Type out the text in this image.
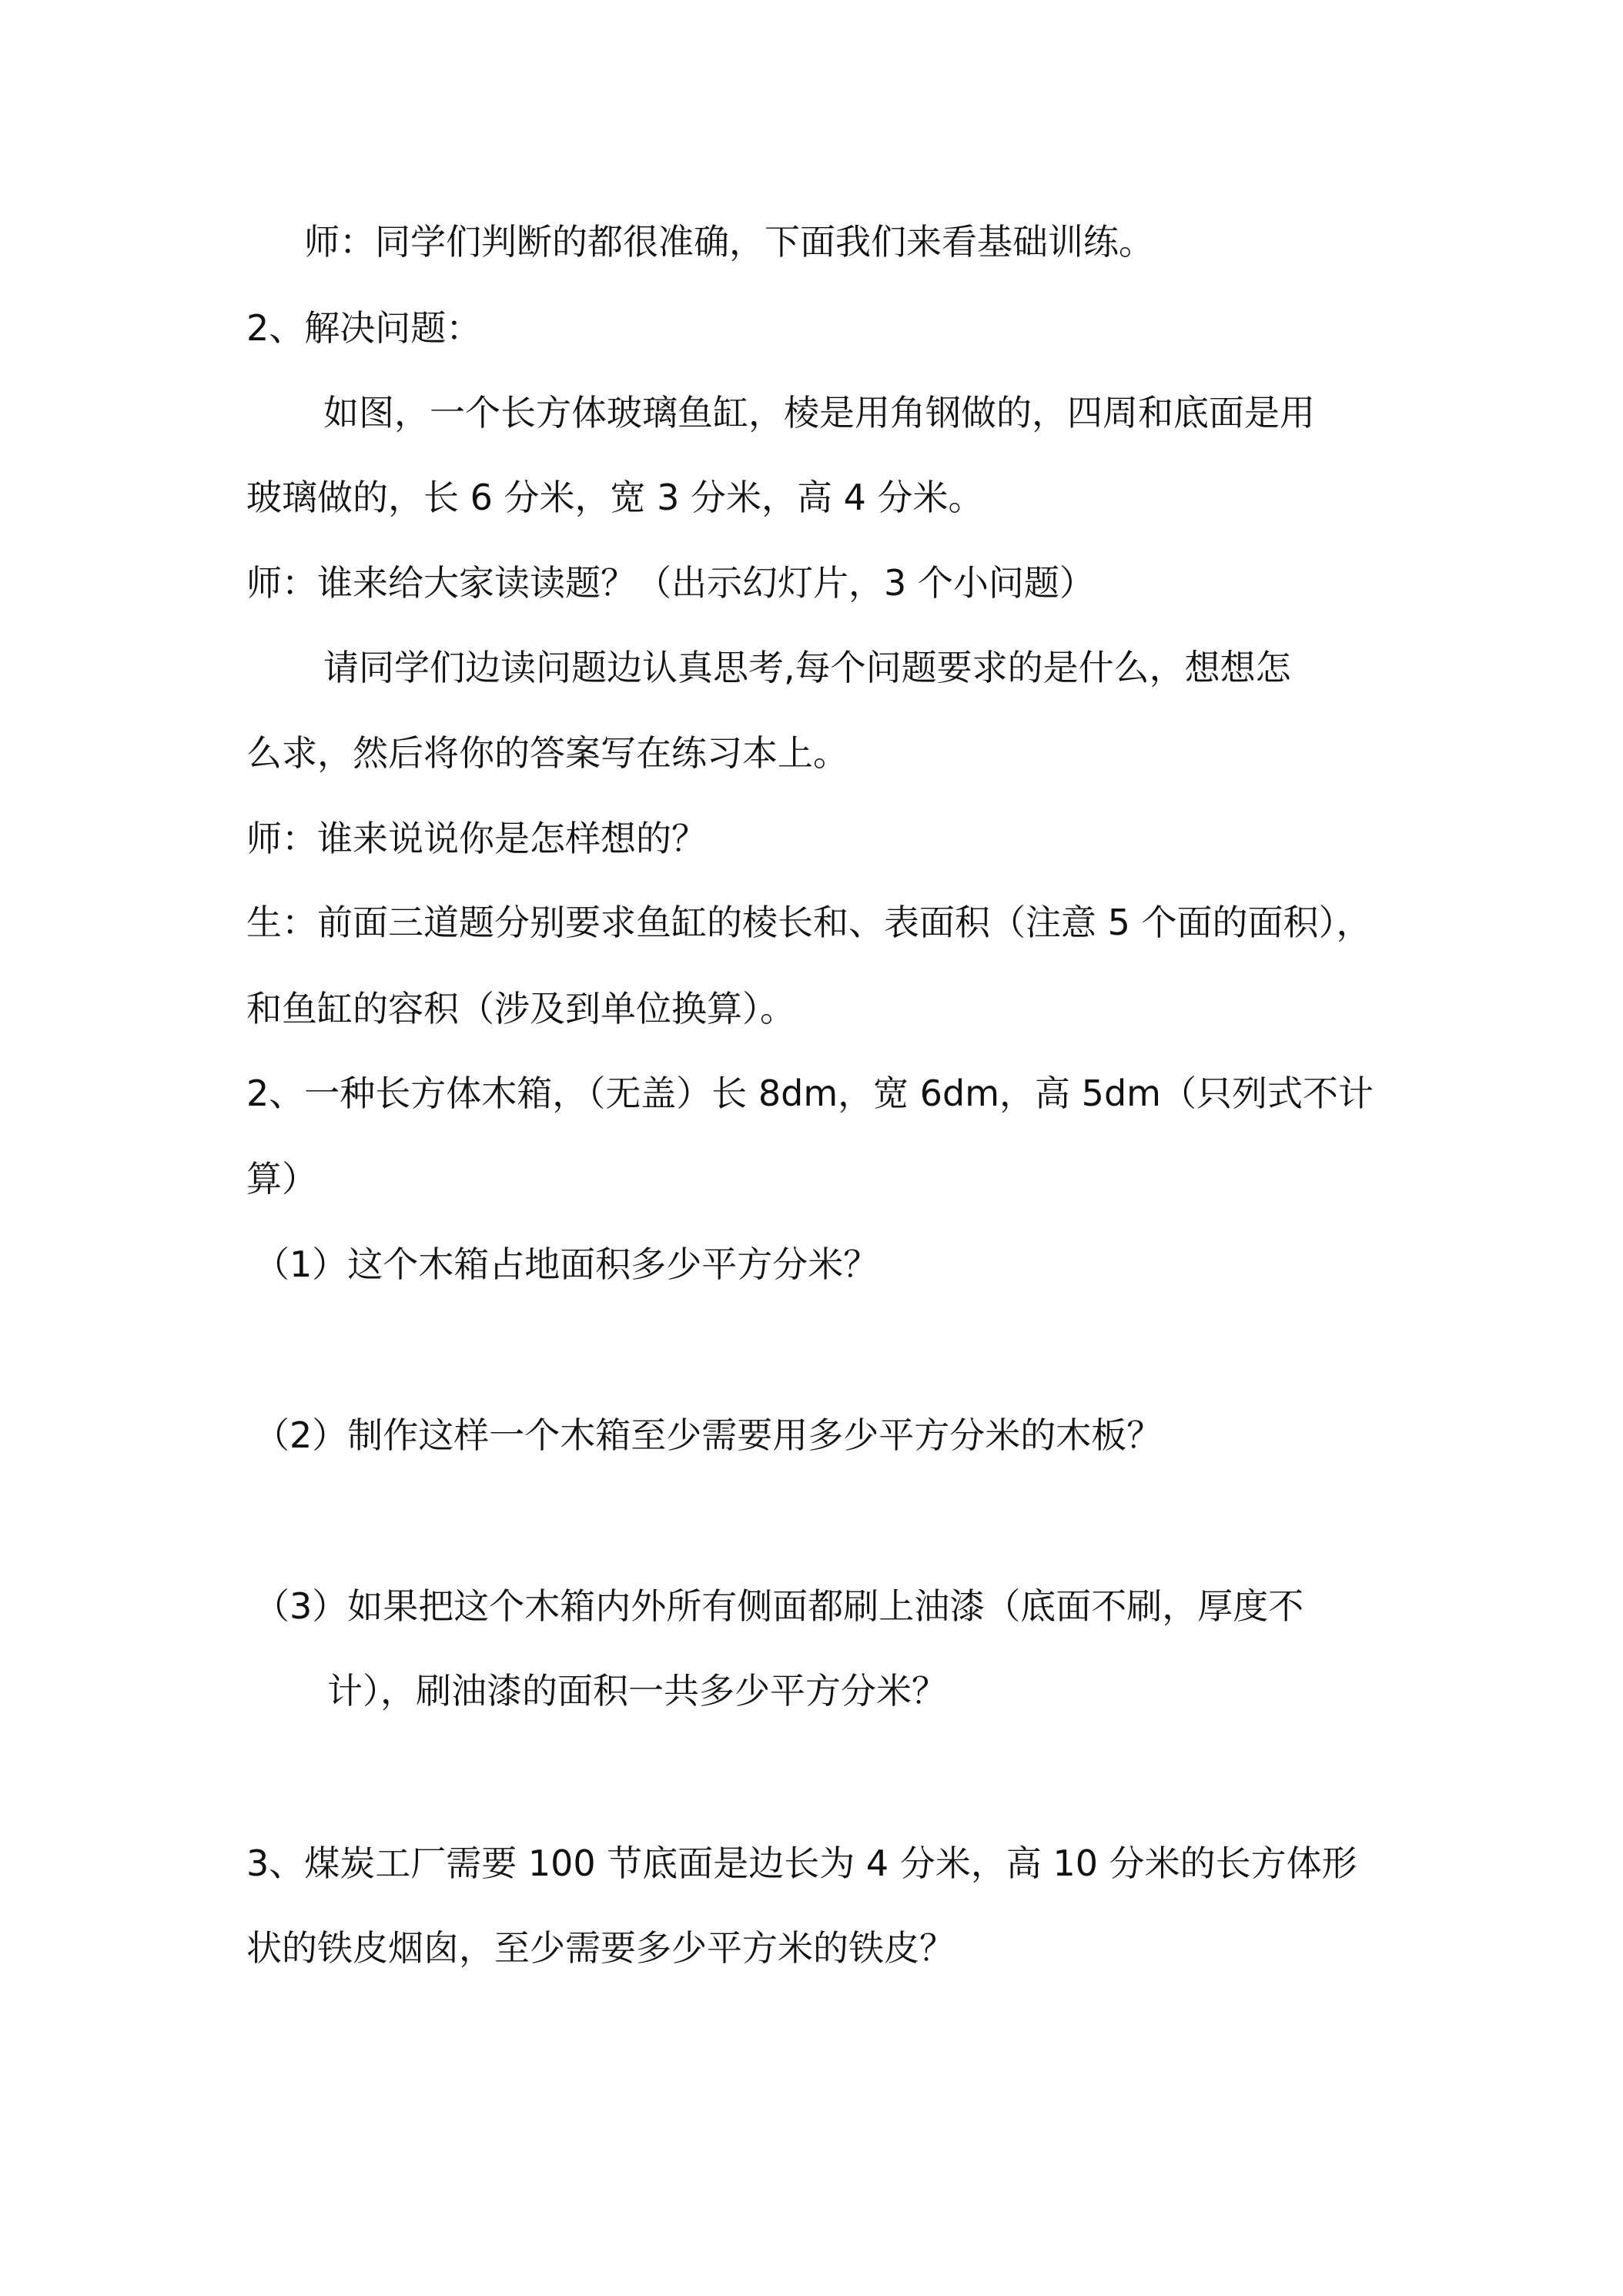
师：同学们判断的都很准确，下面我们来看基础训练。
2、解决问题：
如图，一个长方体玻璃鱼缸，棱是用角钢做的，四周和底面是用
玻璃做的，长 6 分米，宽 3 分米，高 4 分米。
师：谁来给大家读读题？（出示幻灯片，3 个小问题）
请同学们边读问题边认真思考,每个问题要求的是什么，想想怎
么求，然后将你的答案写在练习本上。
师：谁来说说你是怎样想的？
生：前面三道题分别要求鱼缸的棱长和、表面积（注意 5 个面的面积），
和鱼缸的容积（涉及到单位换算）。
2、一种长方体木箱，（无盖）长 8dm，宽 6dm，高 5dm（只列式不计
算）
（1）这个木箱占地面积多少平方分米？
（2）制作这样一个木箱至少需要用多少平方分米的木板？
（3）如果把这个木箱内外所有侧面都刷上油漆（底面不刷，厚度不
计），刷油漆的面积一共多少平方分米？
3、煤炭工厂需要 100 节底面是边长为 4 分米，高 10 分米的长方体形
状的铁皮烟囱，至少需要多少平方米的铁皮？
